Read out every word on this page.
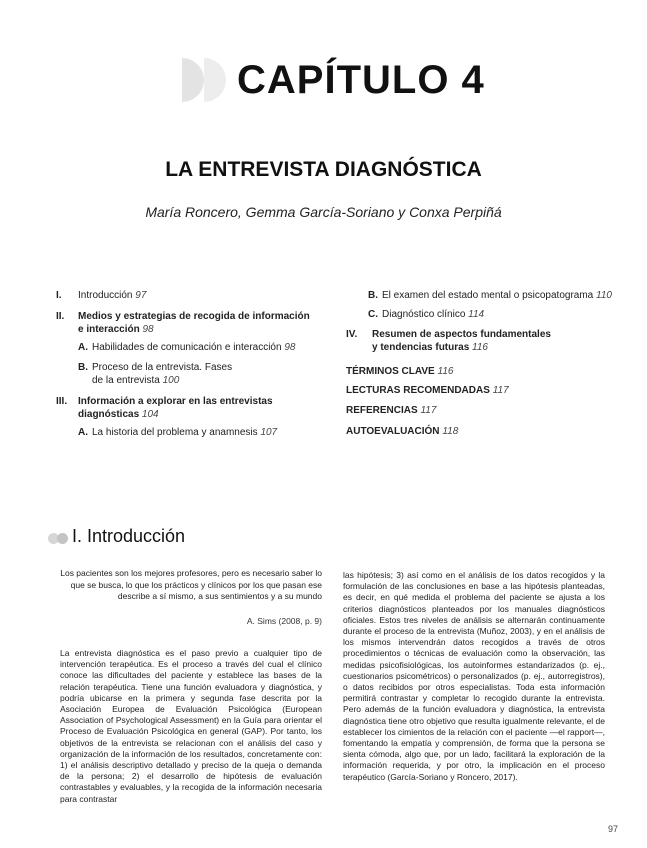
CAPÍTULO 4
LA ENTREVISTA DIAGNÓSTICA
María Roncero, Gemma García-Soriano y Conxa Perpiñá
I. Introducción 97
II. Medios y estrategias de recogida de información
e interacción 98
A. Habilidades de comunicación e interacción 98
B. Proceso de la entrevista. Fases
de la entrevista 100
III. Información a explorar en las entrevistas
diagnósticas 104
A. La historia del problema y anamnesis 107
B. El examen del estado mental o psicopatograma 110
C. Diagnóstico clínico 114
IV. Resumen de aspectos fundamentales
y tendencias futuras 116
TÉRMINOS CLAVE 116
LECTURAS RECOMENDADAS 117
REFERENCIAS 117
AUTOEVALUACIÓN 118
I. Introducción
Los pacientes son los mejores profesores, pero es necesario saber lo que se busca, lo que los prácticos y clínicos por los que pasan ese describe a sí mismo, a sus sentimientos y a su mundo
A. Sims (2008, p. 9)
La entrevista diagnóstica es el paso previo a cualquier tipo de intervención terapéutica. Es el proceso a través del cual el clínico conoce las dificultades del paciente y establece las bases de la relación terapéutica. Tiene una función evaluadora y diagnóstica, y podría ubicarse en la primera y segunda fase descrita por la Asociación Europea de Evaluación Psicológica (European Association of Psychological Assessment) en la Guía para orientar el Proceso de Evaluación Psicológica en general (GAP). Por tanto, los objetivos de la entrevista se relacionan con el análisis del caso y organización de la información de los resultados, concretamente con: 1) el análisis descriptivo detallado y preciso de la queja o demanda de la persona; 2) el desarrollo de hipótesis de evaluación contrastables y evaluables, y la recogida de la información necesaria para contrastar
las hipótesis; 3) así como en el análisis de los datos recogidos y la formulación de las conclusiones en base a las hipótesis planteadas, es decir, en qué medida el problema del paciente se ajusta a los criterios diagnósticos planteados por los manuales diagnósticos oficiales. Estos tres niveles de análisis se alternarán continuamente durante el proceso de la entrevista (Muñoz, 2003), y en el análisis de los mismos intervendrán datos recogidos a través de otros procedimientos o técnicas de evaluación como la observación, las medidas psicofisiológicas, los autoinformes estandarizados (p. ej., cuestionarios psicométricos) o personalizados (p. ej., autorregistros), o datos recibidos por otros especialistas. Toda esta información permitirá contrastar y completar lo recogido durante la entrevista. Pero además de la función evaluadora y diagnóstica, la entrevista diagnóstica tiene otro objetivo que resulta igualmente relevante, el de establecer los cimientos de la relación con el paciente —el rapport—, fomentando la empatía y comprensión, de forma que la persona se sienta cómoda, algo que, por un lado, facilitará la exploración de la información requerida, y por otro, la implicación en el proceso terapéutico (García-Soriano y Roncero, 2017).
97
